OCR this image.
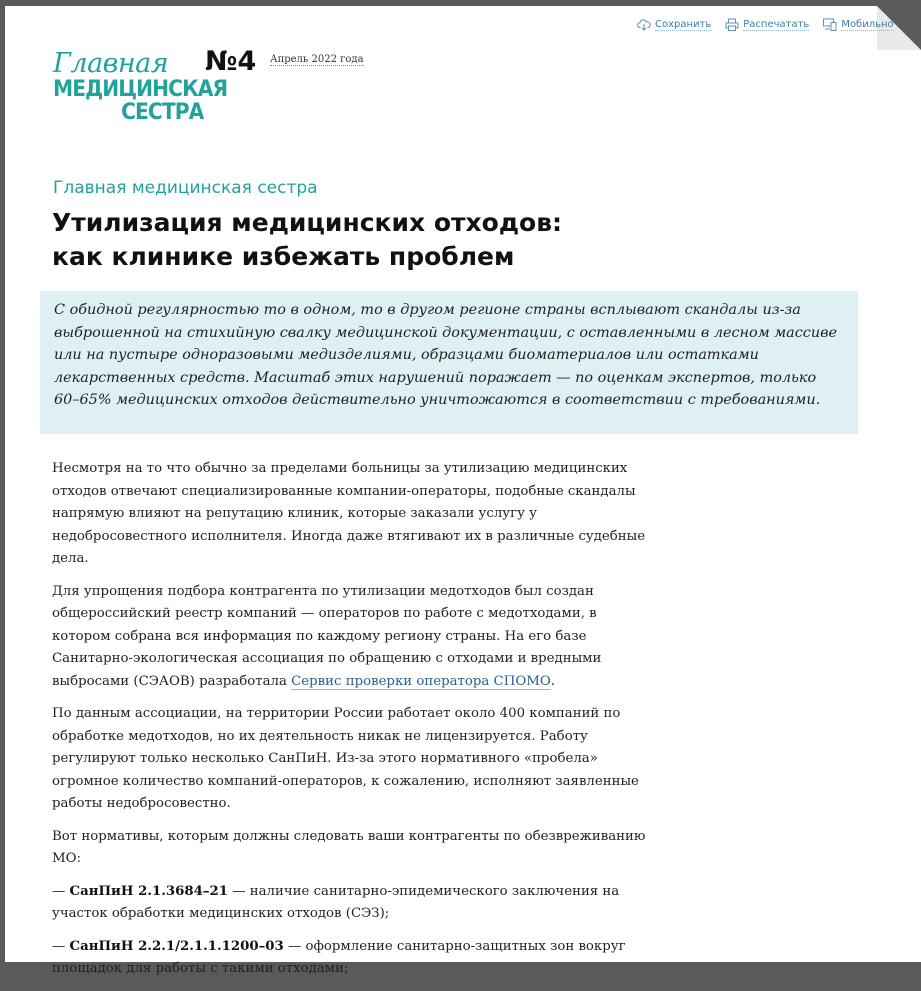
Сохранить	Распечатать	Мобильно
Главная
МЕДИЦИНСКАЯ
СЕСТРА
№4 Апрель 2022 года
Главная медицинская сестра
Утилизация медицинских отходов:
как клинике избежать проблем
С обидной регулярностью то в одном, то в другом регионе страны всплывают скандалы из-за выброшенной на стихийную свалку медицинской документации, с оставленными в лесном массиве или на пустыре одноразовыми медизделиями, образцами биоматериалов или остатками лекарственных средств. Масштаб этих нарушений поражает — по оценкам экспертов, только 60–65% медицинских отходов действительно уничтожаются в соответствии с требованиями.

Несмотря на то что обычно за пределами больницы за утилизацию медицинских отходов отвечают специализированные компании-операторы, подобные скандалы напрямую влияют на репутацию клиник, которые заказали услугу у недобросовестного исполнителя. Иногда даже втягивают их в различные судебные дела.

Для упрощения подбора контрагента по утилизации медотходов был создан общероссийский реестр компаний — операторов по работе с медотходами, в котором собрана вся информация по каждому региону страны. На его базе Санитарно-экологическая ассоциация по обращению с отходами и вредными выбросами (СЭАОВ) разработала Сервис проверки оператора СПОМО.

По данным ассоциации, на территории России работает около 400 компаний по обработке медотходов, но их деятельность никак не лицензируется. Работу регулируют только несколько СанПиН. Из-за этого нормативного «пробела» огромное количество компаний-операторов, к сожалению, исполняют заявленные работы недобросовестно.

Вот нормативы, которым должны следовать ваши контрагенты по обезвреживанию МО:

— СанПиН 2.1.3684–21 — наличие санитарно-эпидемического заключения на участок обработки медицинских отходов (СЭЗ);

— СанПиН 2.2.1/2.1.1.1200–03 — оформление санитарно-защитных зон вокруг площадок для работы с такими отходами;
